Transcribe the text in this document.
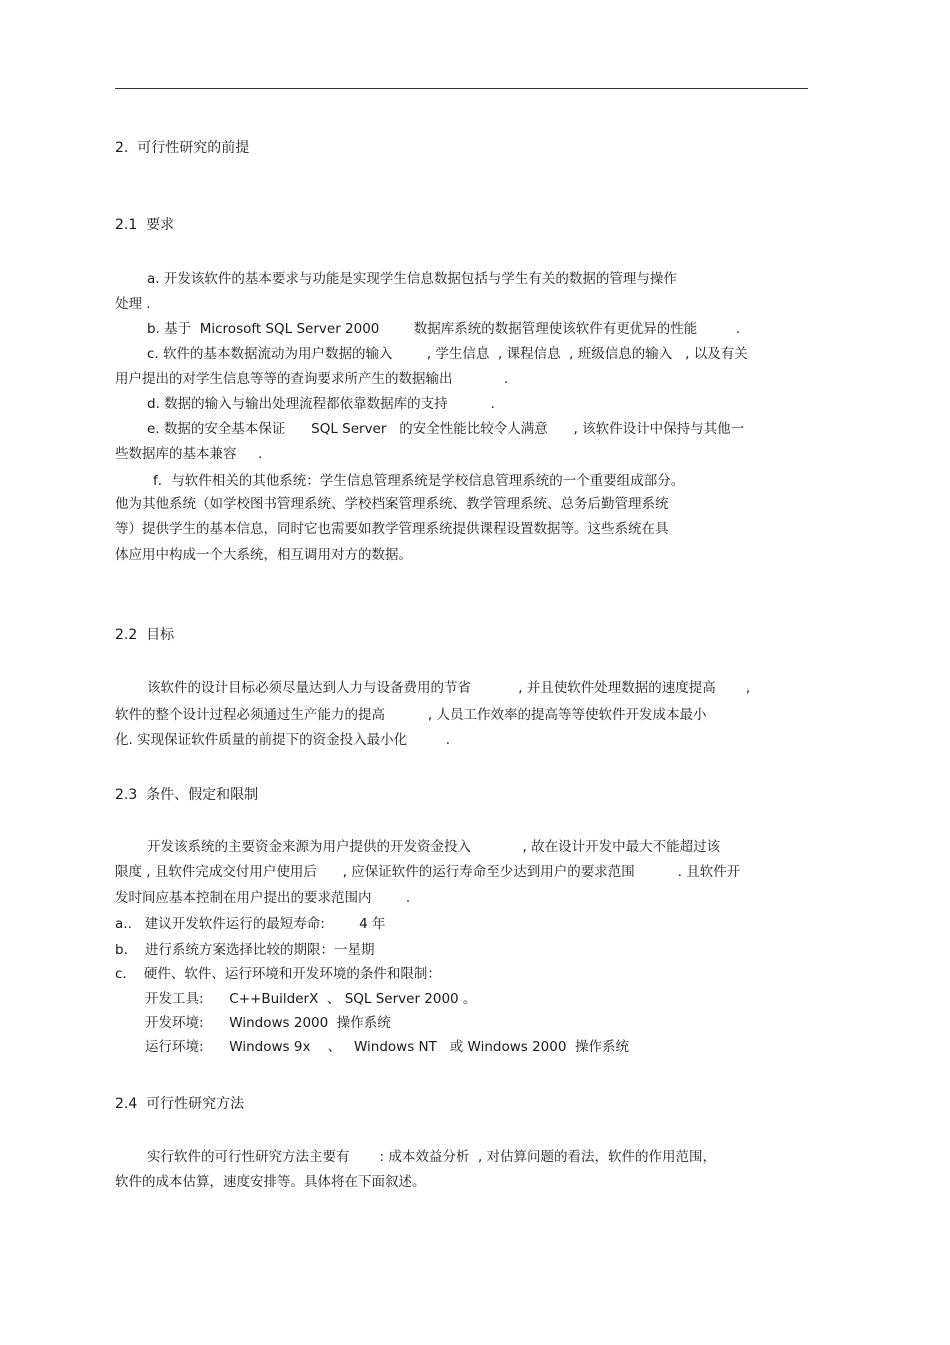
2.  可行性研究的前提
2.1  要求
a. 开发该软件的基本要求与功能是实现学生信息数据包括与学生有关的数据的管理与操作
处理 .
b. 基于  Microsoft SQL Server 2000        数据库系统的数据管理使该软件有更优异的性能         .
c. 软件的基本数据流动为用户数据的输入        , 学生信息  , 课程信息  , 班级信息的输入   , 以及有关
用户提出的对学生信息等等的查询要求所产生的数据输出            .
d. 数据的输入与输出处理流程都依靠数据库的支持          .
e. 数据的安全基本保证      SQL Server   的安全性能比较令人满意      , 该软件设计中保持与其他一
些数据库的基本兼容     .
f．与软件相关的其他系统：学生信息管理系统是学校信息管理系统的一个重要组成部分。
他为其他系统（如学校图书管理系统、学校档案管理系统、教学管理系统、总务后勤管理系统
等）提供学生的基本信息，同时它也需要如教学管理系统提供课程设置数据等。这些系统在具
体应用中构成一个大系统，相互调用对方的数据。
2.2  目标
该软件的设计目标必须尽量达到人力与设备费用的节省           , 并且使软件处理数据的速度提高       ,
软件的整个设计过程必须通过生产能力的提高          , 人员工作效率的提高等等使软件开发成本最小
化. 实现保证软件质量的前提下的资金投入最小化         .
2.3  条件、假定和限制
开发该系统的主要资金来源为用户提供的开发资金投入            , 故在设计开发中最大不能超过该
限度 , 且软件完成交付用户使用后      , 应保证软件的运行寿命至少达到用户的要求范围          . 且软件开
发时间应基本控制在用户提出的要求范围内        .
a..   建议开发软件运行的最短寿命:        4 年
b.    进行系统方案选择比较的期限：一星期
c.    硬件、软件、运行环境和开发环境的条件和限制：
开发工具:      C++BuilderX  、 SQL Server 2000 。
开发环境:      Windows 2000  操作系统
运行环境:      Windows 9x    、   Windows NT   或 Windows 2000  操作系统
2.4  可行性研究方法
实行软件的可行性研究方法主要有       : 成本效益分析  , 对估算问题的看法，软件的作用范围，
软件的成本估算，速度安排等。具体将在下面叙述。
